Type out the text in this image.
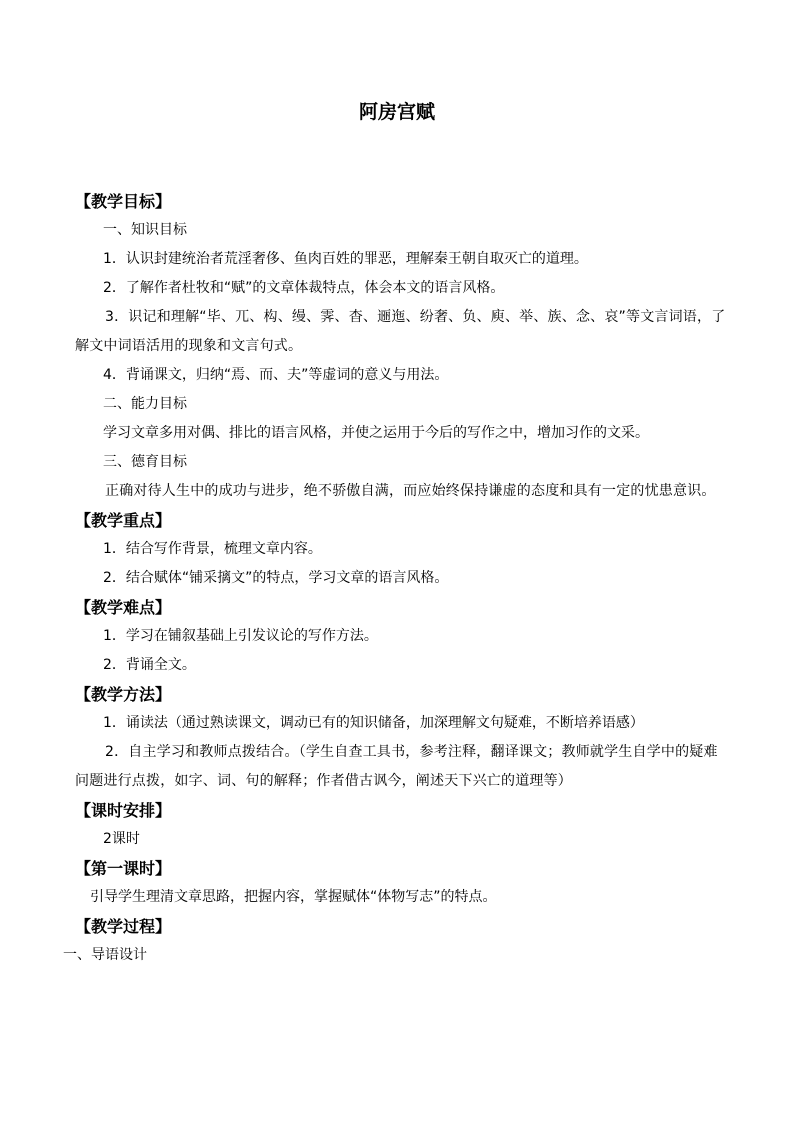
阿房宫赋
【教学目标】
一、知识目标
1．认识封建统治者荒淫奢侈、鱼肉百姓的罪恶，理解秦王朝自取灭亡的道理。
2．了解作者杜牧和“赋”的文章体裁特点，体会本文的语言风格。
3．识记和理解“毕、兀、构、缦、霁、杳、逦迤、纷奢、负、庾、举、族、念、哀”等文言词语，了解文中词语活用的现象和文言句式。
4．背诵课文，归纳“焉、而、夫”等虚词的意义与用法。
二、能力目标
学习文章多用对偶、排比的语言风格，并使之运用于今后的写作之中，增加习作的文采。
三、德育目标
正确对待人生中的成功与进步，绝不骄傲自满，而应始终保持谦虚的态度和具有一定的忧患意识。
【教学重点】
1．结合写作背景，梳理文章内容。
2．结合赋体“铺采摛文”的特点，学习文章的语言风格。
【教学难点】
1．学习在铺叙基础上引发议论的写作方法。
2．背诵全文。
【教学方法】
1．诵读法（通过熟读课文，调动已有的知识储备，加深理解文句疑难，不断培养语感）
2．自主学习和教师点拨结合。（学生自查工具书，参考注释，翻译课文；教师就学生自学中的疑难问题进行点拨，如字、词、句的解释；作者借古讽今，阐述天下兴亡的道理等）
【课时安排】
2课时
【第一课时】
引导学生理清文章思路，把握内容，掌握赋体“体物写志”的特点。
【教学过程】
一、导语设计
